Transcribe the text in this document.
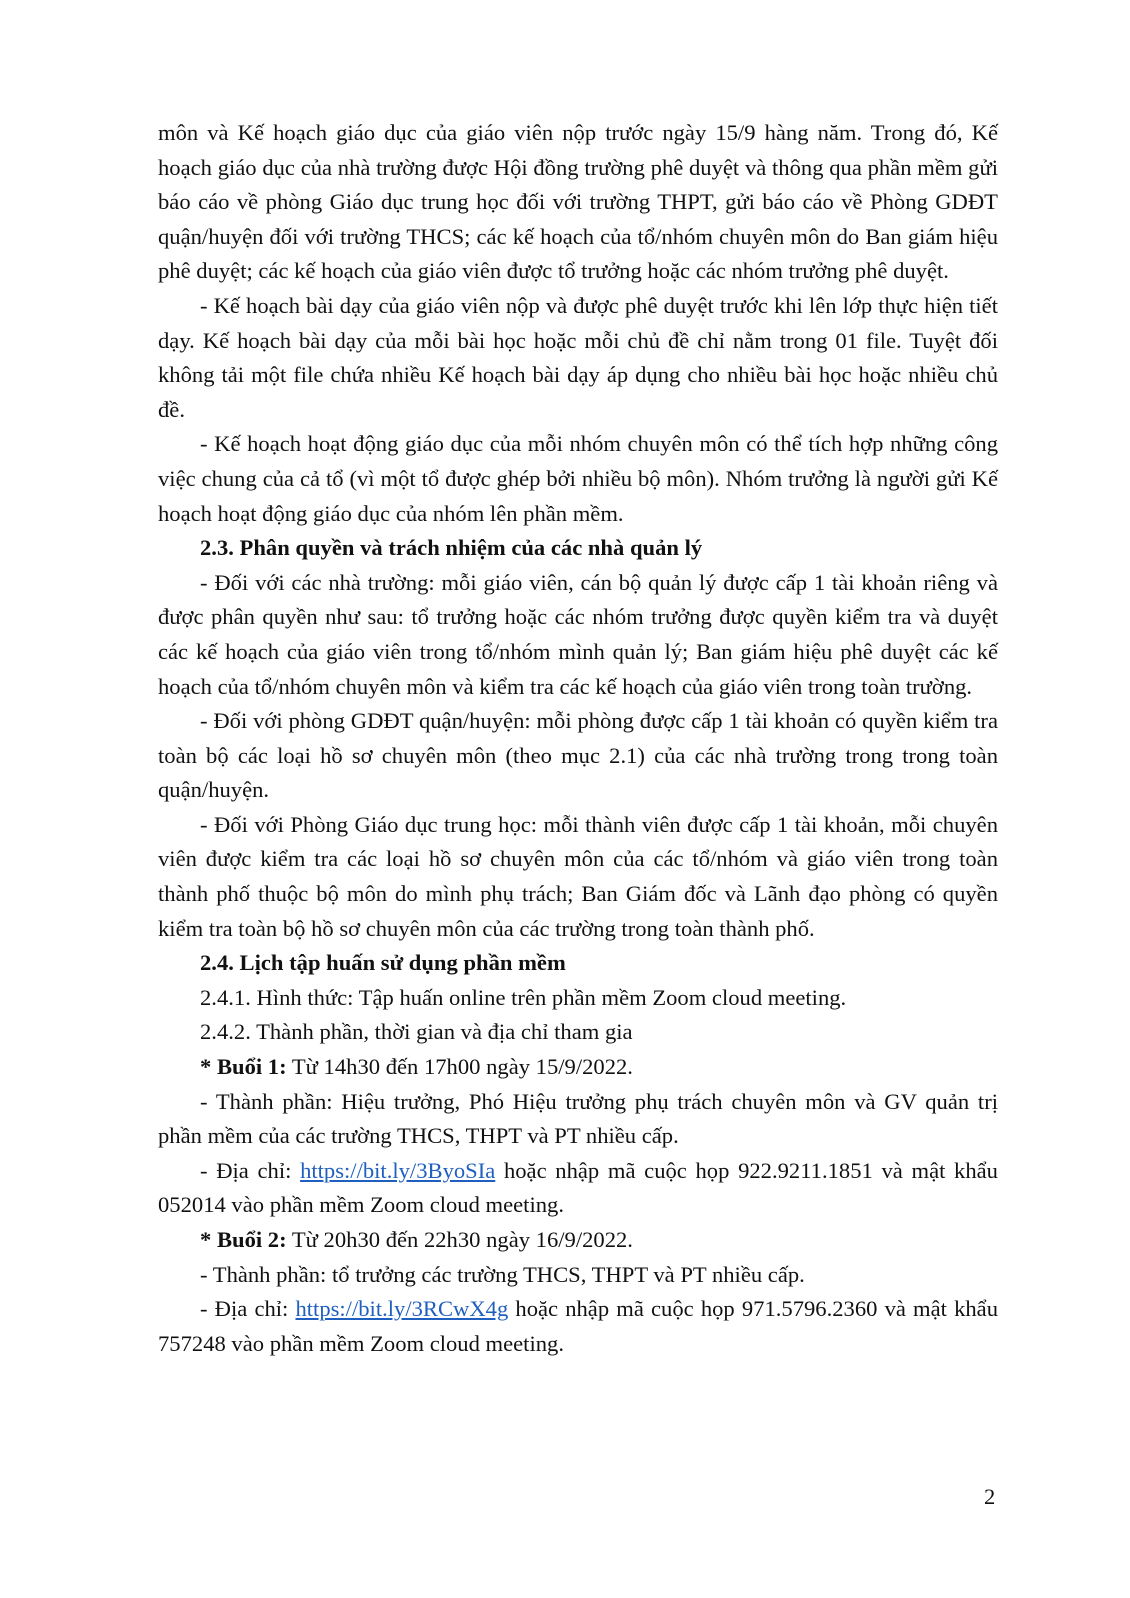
môn và Kế hoạch giáo dục của giáo viên nộp trước ngày 15/9 hàng năm. Trong đó, Kế hoạch giáo dục của nhà trường được Hội đồng trường phê duyệt và thông qua phần mềm gửi báo cáo về phòng Giáo dục trung học đối với trường THPT, gửi báo cáo về Phòng GDĐT quận/huyện đối với trường THCS; các kế hoạch của tổ/nhóm chuyên môn do Ban giám hiệu phê duyệt; các kế hoạch của giáo viên được tổ trưởng hoặc các nhóm trưởng phê duyệt.

- Kế hoạch bài dạy của giáo viên nộp và được phê duyệt trước khi lên lớp thực hiện tiết dạy. Kế hoạch bài dạy của mỗi bài học hoặc mỗi chủ đề chỉ nằm trong 01 file. Tuyệt đối không tải một file chứa nhiều Kế hoạch bài dạy áp dụng cho nhiều bài học hoặc nhiều chủ đề.

- Kế hoạch hoạt động giáo dục của mỗi nhóm chuyên môn có thể tích hợp những công việc chung của cả tổ (vì một tổ được ghép bởi nhiều bộ môn). Nhóm trưởng là người gửi Kế hoạch hoạt động giáo dục của nhóm lên phần mềm.

2.3. Phân quyền và trách nhiệm của các nhà quản lý

- Đối với các nhà trường: mỗi giáo viên, cán bộ quản lý được cấp 1 tài khoản riêng và được phân quyền như sau: tổ trưởng hoặc các nhóm trưởng được quyền kiểm tra và duyệt các kế hoạch của giáo viên trong tổ/nhóm mình quản lý; Ban giám hiệu phê duyệt các kế hoạch của tổ/nhóm chuyên môn và kiểm tra các kế hoạch của giáo viên trong toàn trường.

- Đối với phòng GDĐT quận/huyện: mỗi phòng được cấp 1 tài khoản có quyền kiểm tra toàn bộ các loại hồ sơ chuyên môn (theo mục 2.1) của các nhà trường trong trong toàn quận/huyện.

- Đối với Phòng Giáo dục trung học: mỗi thành viên được cấp 1 tài khoản, mỗi chuyên viên được kiểm tra các loại hồ sơ chuyên môn của các tổ/nhóm và giáo viên trong toàn thành phố thuộc bộ môn do mình phụ trách; Ban Giám đốc và Lãnh đạo phòng có quyền kiểm tra toàn bộ hồ sơ chuyên môn của các trường trong toàn thành phố.

2.4. Lịch tập huấn sử dụng phần mềm

2.4.1. Hình thức: Tập huấn online trên phần mềm Zoom cloud meeting.

2.4.2. Thành phần, thời gian và địa chỉ tham gia

* Buổi 1: Từ 14h30 đến 17h00 ngày 15/9/2022.

- Thành phần: Hiệu trưởng, Phó Hiệu trưởng phụ trách chuyên môn và GV quản trị phần mềm của các trường THCS, THPT và PT nhiều cấp.

- Địa chỉ: https://bit.ly/3ByoSIa hoặc nhập mã cuộc họp 922.9211.1851 và mật khẩu 052014 vào phần mềm Zoom cloud meeting.

* Buổi 2: Từ 20h30 đến 22h30 ngày 16/9/2022.

- Thành phần: tổ trưởng các trường THCS, THPT và PT nhiều cấp.

- Địa chỉ: https://bit.ly/3RCwX4g hoặc nhập mã cuộc họp 971.5796.2360 và mật khẩu 757248 vào phần mềm Zoom cloud meeting.

2
